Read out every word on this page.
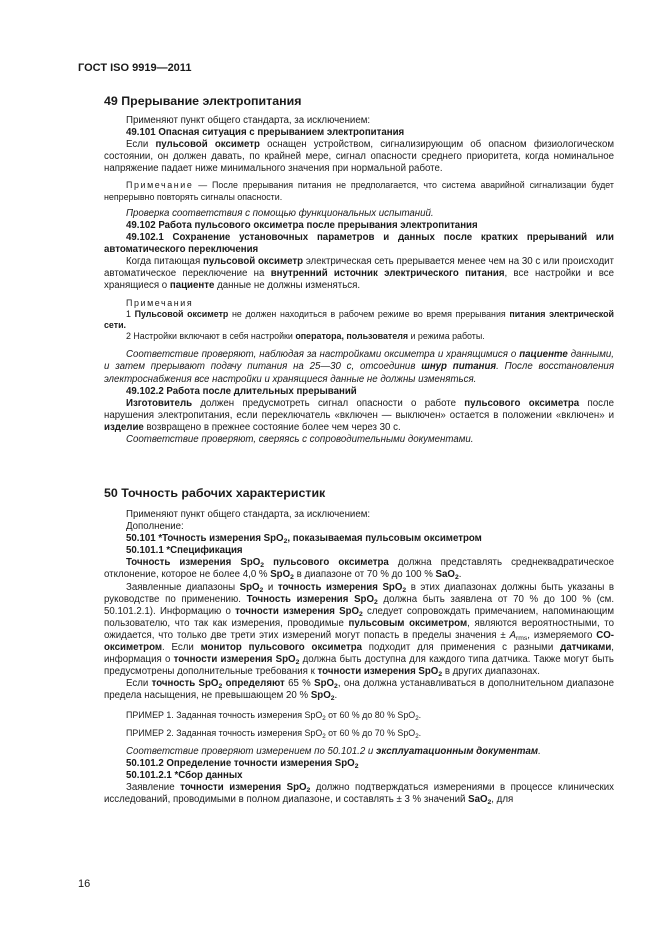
ГОСТ ISO 9919—2011
49 Прерывание электропитания

Применяют пункт общего стандарта, за исключением:

49.101 Опасная ситуация с прерыванием электропитания

Если пульсовой оксиметр оснащен устройством, сигнализирующим об опасном физиологическом состоянии, он должен давать, по крайней мере, сигнал опасности среднего приоритета, когда номинальное напряжение падает ниже минимального значения при нормальной работе.

Примечание — После прерывания питания не предполагается, что система аварийной сигнализации будет непрерывно повторять сигналы опасности.

Проверка соответствия с помощью функциональных испытаний.

49.102 Работа пульсового оксиметра после прерывания электропитания

49.102.1 Сохранение установочных параметров и данных после кратких прерываний или автоматического переключения

Когда питающая пульсовой оксиметр электрическая сеть прерывается менее чем на 30 с или происходит автоматическое переключение на внутренний источник электрического питания, все настройки и все хранящиеся о пациенте данные не должны изменяться.

Примечания

1 Пульсовой оксиметр не должен находиться в рабочем режиме во время прерывания питания электрической сети.

2 Настройки включают в себя настройки оператора, пользователя и режима работы.

Соответствие проверяют, наблюдая за настройками оксиметра и хранящимися о пациенте данными, и затем прерывают подачу питания на 25—30 с, отсоединив шнур питания. После восстановления электроснабжения все настройки и хранящиеся данные не должны изменяться.

49.102.2 Работа после длительных прерываний

Изготовитель должен предусмотреть сигнал опасности о работе пульсового оксиметра после нарушения электропитания, если переключатель «включен — выключен» остается в положении «включен» и изделие возвращено в прежнее состояние более чем через 30 с.

Соответствие проверяют, сверяясь с сопроводительными документами.

50 Точность рабочих характеристик

Применяют пункт общего стандарта, за исключением:

Дополнение:

50.101 *Точность измерения SpO$_2$, показываемая пульсовым оксиметром

50.101.1 *Спецификация

Точность измерения SpO$_2$ пульсового оксиметра должна представлять среднеквадратическое отклонение, которое не более 4,0 % SpO$_2$ в диапазоне от 70 % до 100 % SaO$_2$.

Заявленные диапазоны SpO$_2$ и точность измерения SpO$_2$ в этих диапазонах должны быть указаны в руководстве по применению. Точность измерения SpO$_2$ должна быть заявлена от 70 % до 100 % (см. 50.101.2.1). Информацию о точности измерения SpO$_2$ следует сопровождать примечанием, напоминающим пользователю, что так как измерения, проводимые пульсовым оксиметром, являются вероятностными, то ожидается, что только две трети этих измерений могут попасть в пределы значения ± $A_{rms}$, измеряемого CO-оксиметром. Если монитор пульсового оксиметра подходит для применения с разными датчиками, информация о точности измерения SpO$_2$ должна быть доступна для каждого типа датчика. Также могут быть предусмотрены дополнительные требования к точности измерения SpO$_2$ в других диапазонах.

Если точность SpO$_2$ определяют 65 % SpO$_2$, она должна устанавливаться в дополнительном диапазоне предела насыщения, не превышающем 20 % SpO$_2$.

ПРИМЕР 1. Заданная точность измерения SpO$_2$ от 60 % до 80 % SpO$_2$.

ПРИМЕР 2. Заданная точность измерения SpO$_2$ от 60 % до 70 % SpO$_2$.

Соответствие проверяют измерением по 50.101.2 и эксплуатационным документам.

50.101.2 Определение точности измерения SpO$_2$

50.101.2.1 *Сбор данных

Заявление точности измерения SpO$_2$ должно подтверждаться измерениями в процессе клинических исследований, проводимыми в полном диапазоне, и составлять ± 3 % значений SaO$_2$, для

16
